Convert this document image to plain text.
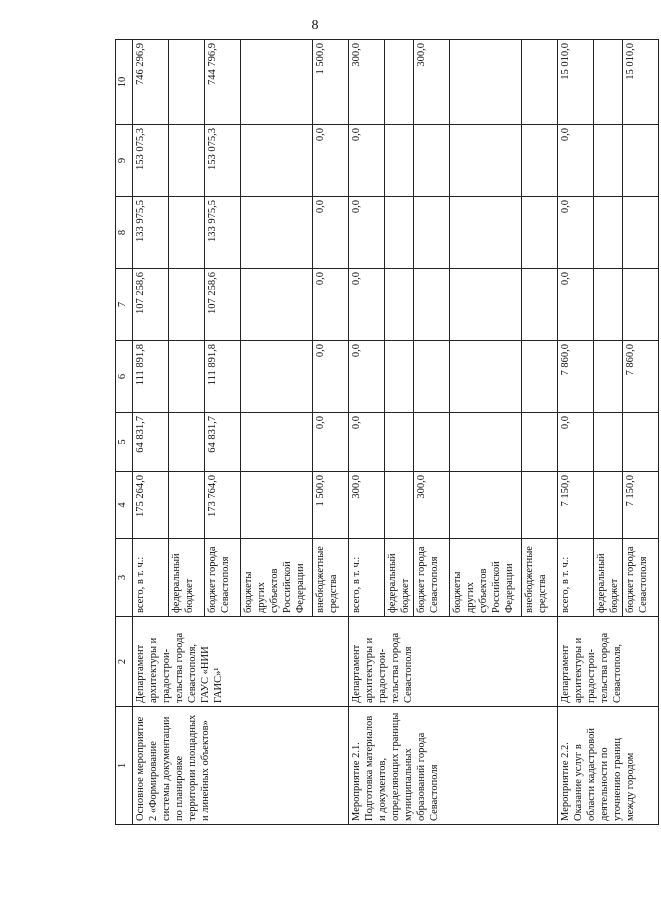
8
1	2	3	4	5	6	7	8	9	10
Основное мероприятие 2 «Формирование системы документации по планировке территории площадных и линейных объектов»	Департамент архитектуры и градострои-тельства города Севастополя, ГАУС «НИИ ГАИС»¹	всего, в т. ч.:	175 264,0	64 831,7	111 891,8	107 258,6	133 975,5	153 075,3	746 296,9
		федеральный бюджет							
		бюджет города Севастополя	173 764,0	64 831,7	111 891,8	107 258,6	133 975,5	153 075,3	744 796,9
		бюджеты других субъектов Российской Федерации							
		внебюджетные средства	1 500,0	0,0	0,0	0,0	0,0	0,0	1 500,0
Мероприятие 2.1. Подготовка материалов и документов, определяющих границы муниципальных образований города Севастополя	Департамент архитектуры и градострои-тельства города Севастополя	всего, в т. ч.:	300,0	0,0	0,0	0,0	0,0	0,0	300,0
		федеральный бюджет							
		бюджет города Севастополя	300,0						300,0
		бюджеты других субъектов Российской Федерации							
		внебюджетные средства							
Мероприятие 2.2. Оказание услуг в области кадастровой деятельности по уточнению границ между городом	Департамент архитектуры и градострои-тельства города Севастополя,	всего, в т. ч.:	7 150,0	0,0	7 860,0	0,0	0,0	0,0	15 010,0
		федеральный бюджет							
		бюджет города Севастополя	7 150,0		7 860,0				15 010,0
